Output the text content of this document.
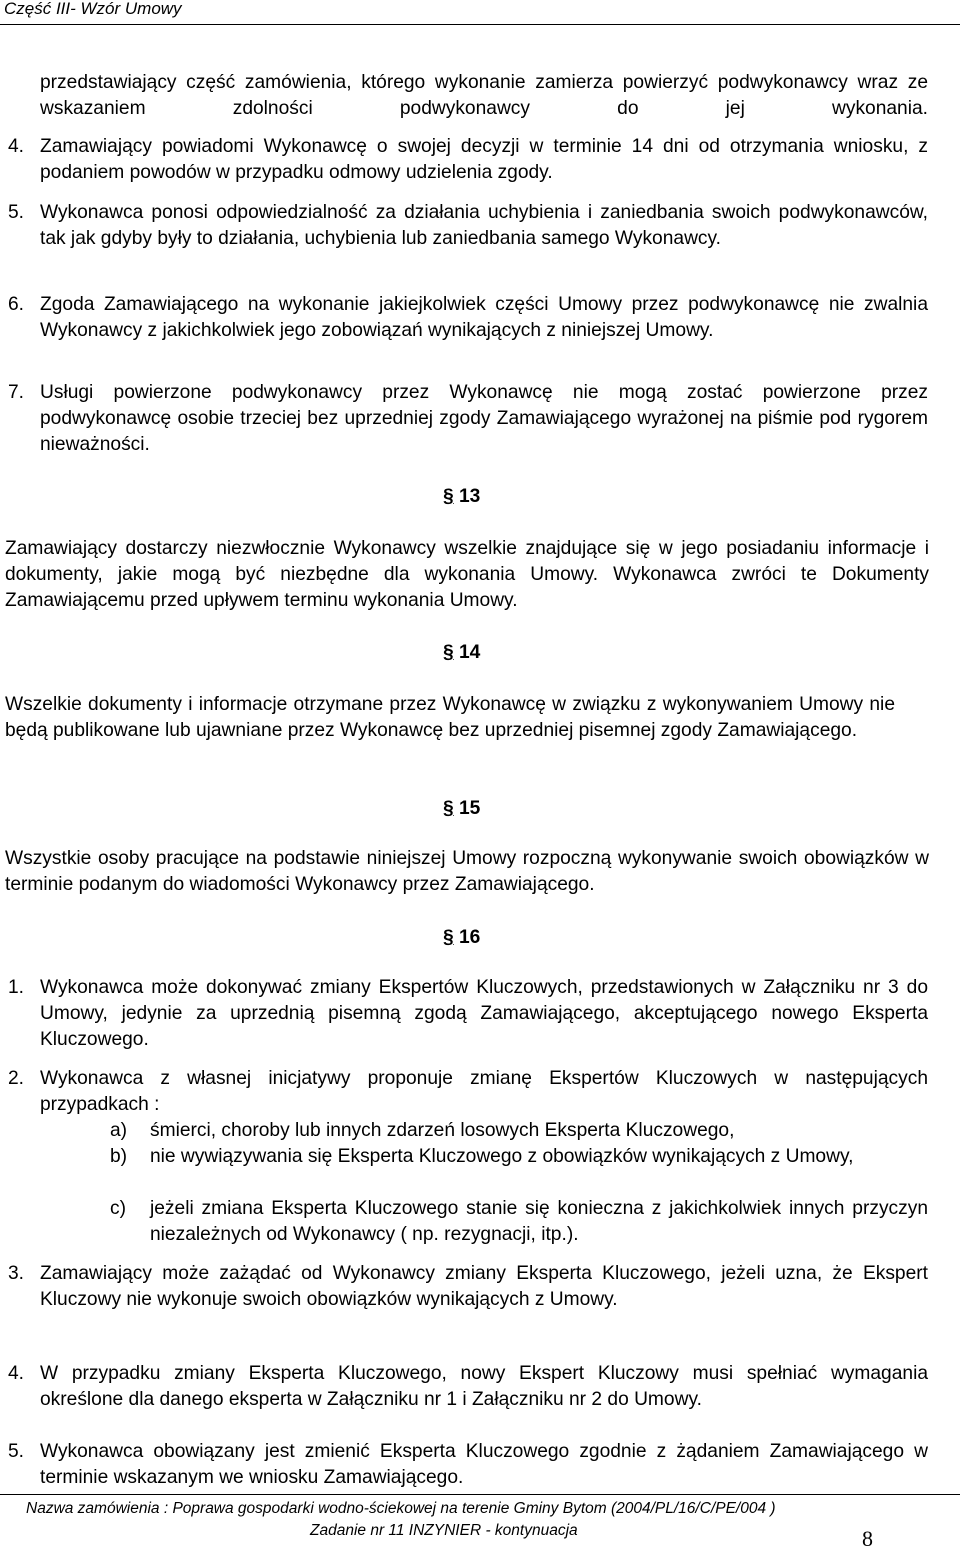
Część III- Wzór Umowy
przedstawiający część zamówienia, którego wykonanie zamierza powierzyć podwykonawcy wraz ze wskazaniem zdolności podwykonawcy do jej wykonania.
4. Zamawiający powiadomi Wykonawcę o swojej decyzji w terminie 14 dni od otrzymania wniosku, z podaniem powodów w przypadku odmowy udzielenia zgody.
5. Wykonawca ponosi odpowiedzialność za działania uchybienia i zaniedbania swoich podwykonawców, tak jak gdyby były to działania, uchybienia lub zaniedbania samego Wykonawcy.
6. Zgoda Zamawiającego na wykonanie jakiejkolwiek części Umowy przez podwykonawcę nie zwalnia Wykonawcy z jakichkolwiek jego zobowiązań wynikających z niniejszej Umowy.
7. Usługi powierzone podwykonawcy przez Wykonawcę nie mogą zostać powierzone przez podwykonawcę osobie trzeciej bez uprzedniej zgody Zamawiającego wyrażonej na piśmie pod rygorem nieważności.
§ 13
Zamawiający dostarczy niezwłocznie Wykonawcy wszelkie znajdujące się w jego posiadaniu informacje i dokumenty, jakie mogą być niezbędne dla wykonania Umowy. Wykonawca zwróci te Dokumenty Zamawiającemu przed upływem terminu wykonania Umowy.
§ 14
Wszelkie dokumenty i informacje otrzymane przez Wykonawcę w związku z wykonywaniem Umowy nie będą publikowane lub ujawniane przez Wykonawcę bez uprzedniej pisemnej zgody Zamawiającego.
§ 15
Wszystkie osoby pracujące na podstawie niniejszej Umowy rozpoczną wykonywanie swoich obowiązków w terminie podanym do wiadomości Wykonawcy przez Zamawiającego.
§ 16
1. Wykonawca może dokonywać zmiany Ekspertów Kluczowych, przedstawionych w Załączniku nr 3 do Umowy, jedynie za uprzednią pisemną zgodą Zamawiającego, akceptującego nowego Eksperta Kluczowego.
2. Wykonawca z własnej inicjatywy proponuje zmianę Ekspertów Kluczowych w następujących przypadkach :
a) śmierci, choroby lub innych zdarzeń losowych Eksperta Kluczowego,
b) nie wywiązywania się Eksperta Kluczowego z obowiązków wynikających z Umowy,
c) jeżeli zmiana Eksperta Kluczowego stanie się konieczna z jakichkolwiek innych przyczyn niezależnych od Wykonawcy ( np. rezygnacji, itp.).
3. Zamawiający może zażądać od Wykonawcy zmiany Eksperta Kluczowego, jeżeli uzna, że Ekspert Kluczowy nie wykonuje swoich obowiązków wynikających z Umowy.
4. W przypadku zmiany Eksperta Kluczowego, nowy Ekspert Kluczowy musi spełniać wymagania określone dla danego eksperta w Załączniku nr 1 i Załączniku nr 2 do Umowy.
5. Wykonawca obowiązany jest zmienić Eksperta Kluczowego zgodnie z żądaniem Zamawiającego w terminie wskazanym we wniosku Zamawiającego.
Nazwa zamówienia : Poprawa gospodarki wodno-ściekowej na terenie Gminy Bytom (2004/PL/16/C/PE/004 )
Zadanie nr 11 INZYNIER - kontynuacja	8
